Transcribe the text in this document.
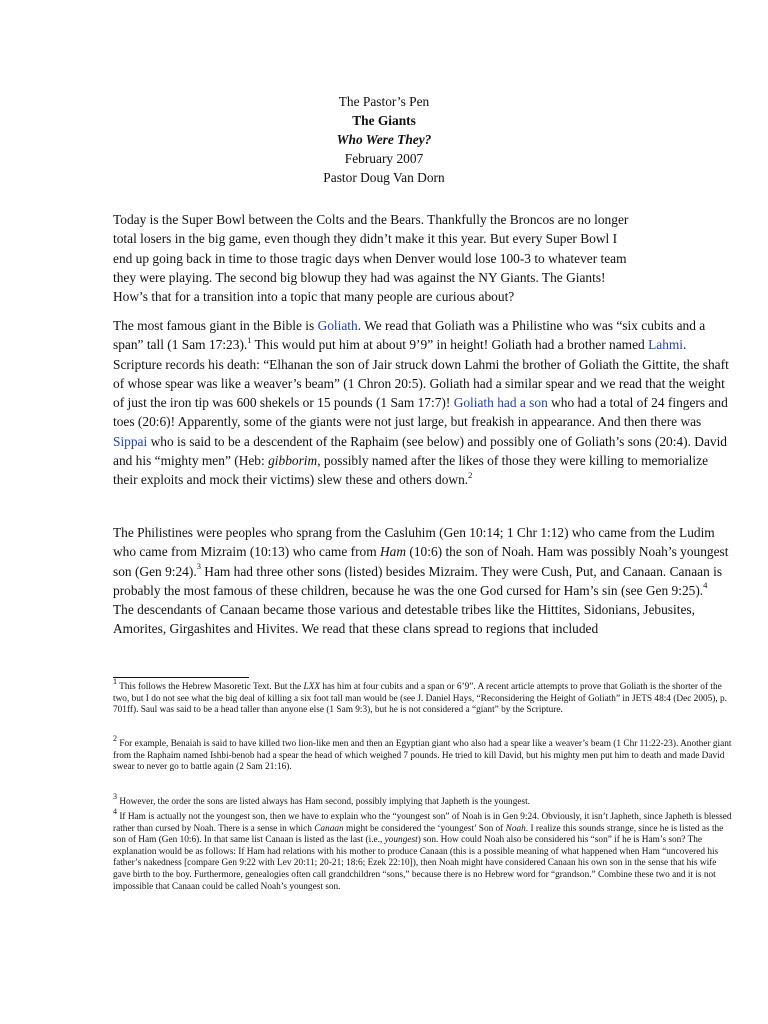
The Pastor’s Pen
The Giants
Who Were They?
February 2007
Pastor Doug Van Dorn
Today is the Super Bowl between the Colts and the Bears. Thankfully the Broncos are no longer
total losers in the big game, even though they didn’t make it this year. But every Super Bowl I
end up going back in time to those tragic days when Denver would lose 100-3 to whatever team
they were playing. The second big blowup they had was against the NY Giants. The Giants!
How’s that for a transition into a topic that many people are curious about?

The most famous giant in the Bible is Goliath. We read that Goliath was a Philistine who was “six cubits and a span” tall (1 Sam 17:23).$^1$ This would put him at about 9’9” in height! Goliath had a brother named Lahmi. Scripture records his death: “Elhanan the son of Jair struck down Lahmi the brother of Goliath the Gittite, the shaft of whose spear was like a weaver’s beam” (1 Chron 20:5). Goliath had a similar spear and we read that the weight of just the iron tip was 600 shekels or 15 pounds (1 Sam 17:7)! Goliath had a son who had a total of 24 fingers and toes (20:6)! Apparently, some of the giants were not just large, but freakish in appearance. And then there was Sippai who is said to be a descendent of the Raphaim (see below) and possibly one of Goliath’s sons (20:4). David and his “mighty men” (Heb: gibborim, possibly named after the likes of those they were killing to memorialize their exploits and mock their victims) slew these and others down.$^2$

The Philistines were peoples who sprang from the Casluhim (Gen 10:14; 1 Chr 1:12) who came from the Ludim who came from Mizraim (10:13) who came from Ham (10:6) the son of Noah. Ham was possibly Noah’s youngest son (Gen 9:24).$^3$ Ham had three other sons (listed) besides Mizraim. They were Cush, Put, and Canaan. Canaan is probably the most famous of these children, because he was the one God cursed for Ham’s sin (see Gen 9:25).$^4$ The descendants of Canaan became those various and detestable tribes like the Hittites, Sidonians, Jebusites, Amorites, Girgashites and Hivites. We read that these clans spread to regions that included

$^1$ This follows the Hebrew Masoretic Text. But the LXX has him at four cubits and a span or 6’9”. A recent article attempts to prove that Goliath is the shorter of the two, but I do not see what the big deal of killing a six foot tall man would be (see J. Daniel Hays, “Reconsidering the Height of Goliath” in JETS 48:4 (Dec 2005), p. 701ff). Saul was said to be a head taller than anyone else (1 Sam 9:3), but he is not considered a “giant” by the Scripture.
$^2$ For example, Benaiah is said to have killed two lion-like men and then an Egyptian giant who also had a spear like a weaver’s beam (1 Chr 11:22-23). Another giant from the Raphaim named Ishbi-benob had a spear the head of which weighed 7 pounds. He tried to kill David, but his mighty men put him to death and made David swear to never go to battle again (2 Sam 21:16).
$^3$ However, the order the sons are listed always has Ham second, possibly implying that Japheth is the youngest.
$^4$ If Ham is actually not the youngest son, then we have to explain who the “youngest son” of Noah is in Gen 9:24. Obviously, it isn’t Japheth, since Japheth is blessed rather than cursed by Noah. There is a sense in which Canaan might be considered the ‘youngest’ Son of Noah. I realize this sounds strange, since he is listed as the son of Ham (Gen 10:6). In that same list Canaan is listed as the last (i.e., youngest) son. How could Noah also be considered his “son” if he is Ham’s son? The explanation would be as follows: If Ham had relations with his mother to produce Canaan (this is a possible meaning of what happened when Ham “uncovered his father’s nakedness [compare Gen 9:22 with Lev 20:11; 20-21; 18:6; Ezek 22:10]), then Noah might have considered Canaan his own son in the sense that his wife gave birth to the boy. Furthermore, genealogies often call grandchildren “sons,” because there is no Hebrew word for “grandson.” Combine these two and it is not impossible that Canaan could be called Noah’s youngest son.
